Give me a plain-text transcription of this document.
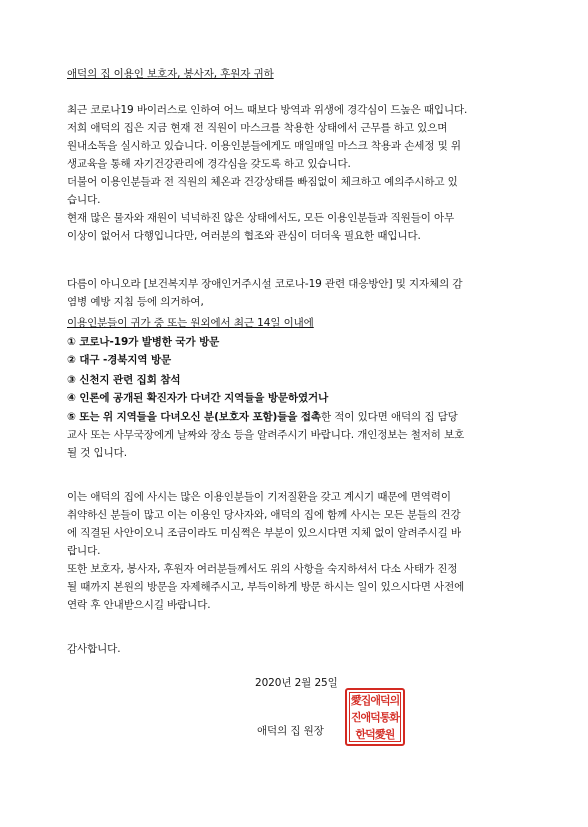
애덕의 집 이용인 보호자, 봉사자, 후원자 귀하
최근 코로나19 바이러스로 인하여 어느 때보다 방역과 위생에 경각심이 드높은 때입니다.
저희 애덕의 집은 지금 현재 전 직원이 마스크를 착용한 상태에서 근무를 하고 있으며
원내소독을 실시하고 있습니다. 이용인분들에게도 매일매일 마스크 착용과 손세정 및 위
생교육을 통해 자기건강관리에 경각심을 갖도록 하고 있습니다.
더불어 이용인분들과 전 직원의 체온과 건강상태를 빠짐없이 체크하고 예의주시하고 있
습니다.
현재 많은 물자와 재원이 넉넉하진 않은 상태에서도, 모든 이용인분들과 직원들이 아무
이상이 없어서 다행입니다만, 여러분의 협조와 관심이 더더욱 필요한 때입니다.
다름이 아니오라 [보건복지부 장애인거주시설 코로나-19 관련 대응방안] 및 지자체의 감
염병 예방 지침 등에 의거하여,
이용인분들이 귀가 중 또는 원외에서 최근 14일 이내에
① 코로나-19가 발병한 국가 방문
② 대구 -경북지역 방문
③ 신천지 관련 집회 참석
④ 인론에 공개된 확진자가 다녀간 지역들을 방문하였거나
⑤ 또는 위 지역들을 다녀오신 분(보호자 포함)들을 접촉한 적이 있다면 애덕의 집 담당
교사 또는 사무국장에게 날짜와 장소 등을 알려주시기 바랍니다. 개인정보는 철저히 보호
될 것 입니다.
이는 애덕의 집에 사시는 많은 이용인분들이 기저질환을 갖고 계시기 때문에 면역력이
취약하신 분들이 많고 이는 이용인 당사자와, 애덕의 집에 함께 사시는 모든 분들의 건강
에 직결된 사안이오니 조금이라도 미심쩍은 부분이 있으시다면 지체 없이 알려주시길 바
랍니다.
또한 보호자, 봉사자, 후원자 여러분들께서도 위의 사항을 숙지하셔서 다소 사태가 진정
될 때까지 본원의 방문을 자제해주시고, 부득이하게 방문 하시는 일이 있으시다면 사전에
연락 후 안내받으시길 바랍니다.
감사합니다.
2020년 2월 25일
애덕의 집 원장
愛집애덕의
진애덕통화
한덕愛원
